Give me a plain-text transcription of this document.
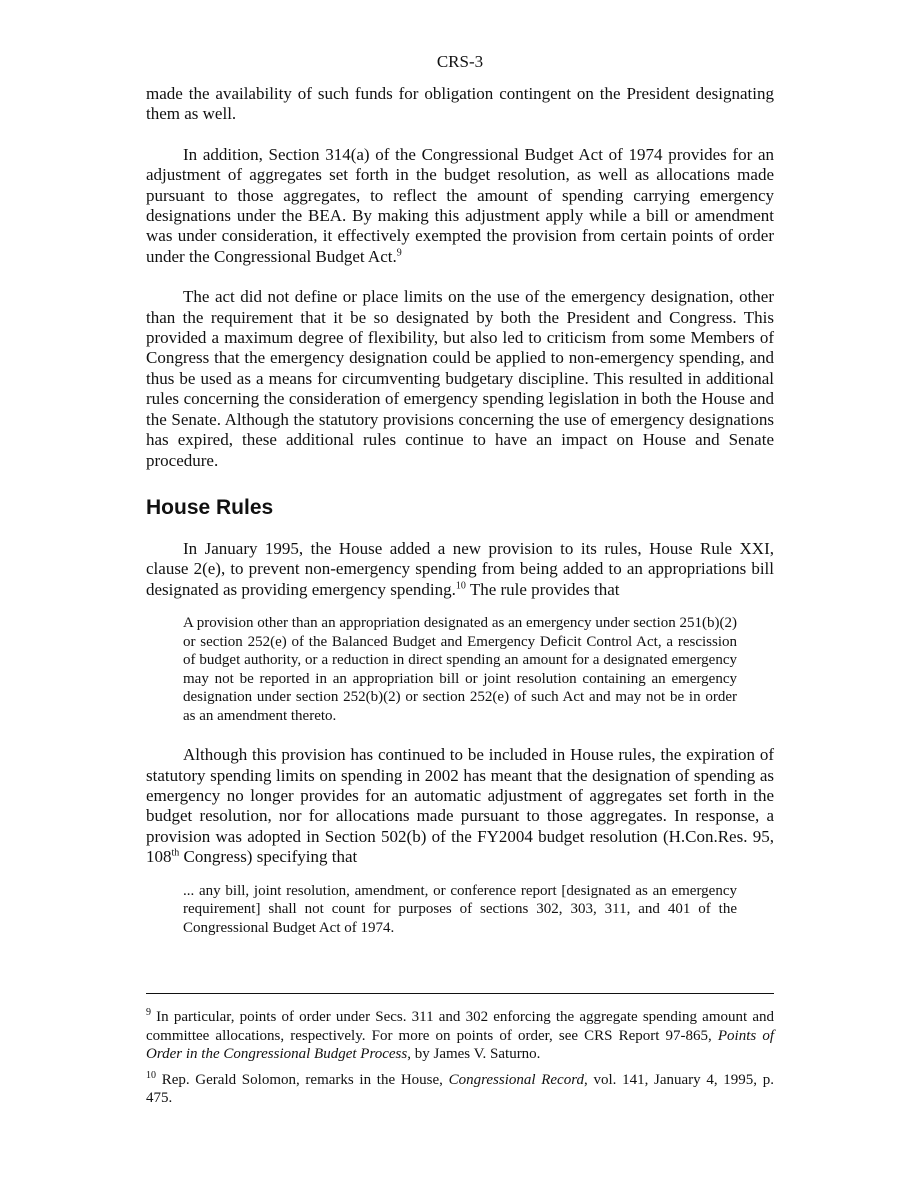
CRS-3

made the availability of such funds for obligation contingent on the President designating them as well.

In addition, Section 314(a) of the Congressional Budget Act of 1974 provides for an adjustment of aggregates set forth in the budget resolution, as well as allocations made pursuant to those aggregates, to reflect the amount of spending carrying emergency designations under the BEA. By making this adjustment apply while a bill or amendment was under consideration, it effectively exempted the provision from certain points of order under the Congressional Budget Act.$^9$

The act did not define or place limits on the use of the emergency designation, other than the requirement that it be so designated by both the President and Congress. This provided a maximum degree of flexibility, but also led to criticism from some Members of Congress that the emergency designation could be applied to non-emergency spending, and thus be used as a means for circumventing budgetary discipline. This resulted in additional rules concerning the consideration of emergency spending legislation in both the House and the Senate. Although the statutory provisions concerning the use of emergency designations has expired, these additional rules continue to have an impact on House and Senate procedure.

House Rules

In January 1995, the House added a new provision to its rules, House Rule XXI, clause 2(e), to prevent non-emergency spending from being added to an appropriations bill designated as providing emergency spending.$^{10}$ The rule provides that

A provision other than an appropriation designated as an emergency under section 251(b)(2) or section 252(e) of the Balanced Budget and Emergency Deficit Control Act, a rescission of budget authority, or a reduction in direct spending an amount for a designated emergency may not be reported in an appropriation bill or joint resolution containing an emergency designation under section 252(b)(2) or section 252(e) of such Act and may not be in order as an amendment thereto.

Although this provision has continued to be included in House rules, the expiration of statutory spending limits on spending in 2002 has meant that the designation of spending as emergency no longer provides for an automatic adjustment of aggregates set forth in the budget resolution, nor for allocations made pursuant to those aggregates. In response, a provision was adopted in Section 502(b) of the FY2004 budget resolution (H.Con.Res. 95, 108th Congress) specifying that

... any bill, joint resolution, amendment, or conference report [designated as an emergency requirement] shall not count for purposes of sections 302, 303, 311, and 401 of the Congressional Budget Act of 1974.

$^9$ In particular, points of order under Secs. 311 and 302 enforcing the aggregate spending amount and committee allocations, respectively. For more on points of order, see CRS Report 97-865, Points of Order in the Congressional Budget Process, by James V. Saturno.

$^{10}$ Rep. Gerald Solomon, remarks in the House, Congressional Record, vol. 141, January 4, 1995, p. 475.
